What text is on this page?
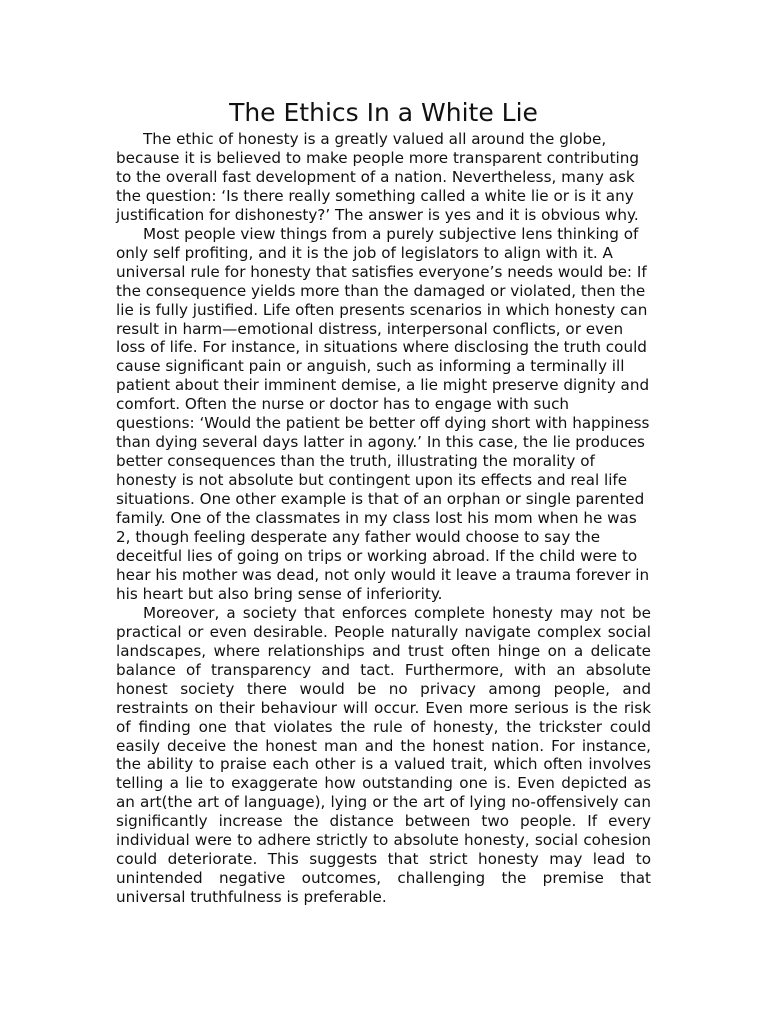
The Ethics In a White Lie

The ethic of honesty is a greatly valued all around the globe, because it is believed to make people more transparent contributing to the overall fast development of a nation. Nevertheless, many ask the question: ‘Is there really something called a white lie or is it any justification for dishonesty?’ The answer is yes and it is obvious why.

Most people view things from a purely subjective lens thinking of only self profiting, and it is the job of legislators to align with it. A universal rule for honesty that satisfies everyone’s needs would be: If the consequence yields more than the damaged or violated, then the lie is fully justified. Life often presents scenarios in which honesty can result in harm—emotional distress, interpersonal conflicts, or even loss of life. For instance, in situations where disclosing the truth could cause significant pain or anguish, such as informing a terminally ill patient about their imminent demise, a lie might preserve dignity and comfort. Often the nurse or doctor has to engage with such questions: ‘Would the patient be better off dying short with happiness than dying several days latter in agony.’ In this case, the lie produces better consequences than the truth, illustrating the morality of honesty is not absolute but contingent upon its effects and real life situations. One other example is that of an orphan or single parented family. One of the classmates in my class lost his mom when he was 2, though feeling desperate any father would choose to say the deceitful lies of going on trips or working abroad. If the child were to hear his mother was dead, not only would it leave a trauma forever in his heart but also bring sense of inferiority.

Moreover, a society that enforces complete honesty may not be practical or even desirable. People naturally navigate complex social landscapes, where relationships and trust often hinge on a delicate balance of transparency and tact. Furthermore, with an absolute honest society there would be no privacy among people, and restraints on their behaviour will occur. Even more serious is the risk of finding one that violates the rule of honesty, the trickster could easily deceive the honest man and the honest nation. For instance, the ability to praise each other is a valued trait, which often involves telling a lie to exaggerate how outstanding one is. Even depicted as an art(the art of language), lying or the art of lying no-offensively can significantly increase the distance between two people. If every individual were to adhere strictly to absolute honesty, social cohesion could deteriorate. This suggests that strict honesty may lead to unintended negative outcomes, challenging the premise that universal truthfulness is preferable.
